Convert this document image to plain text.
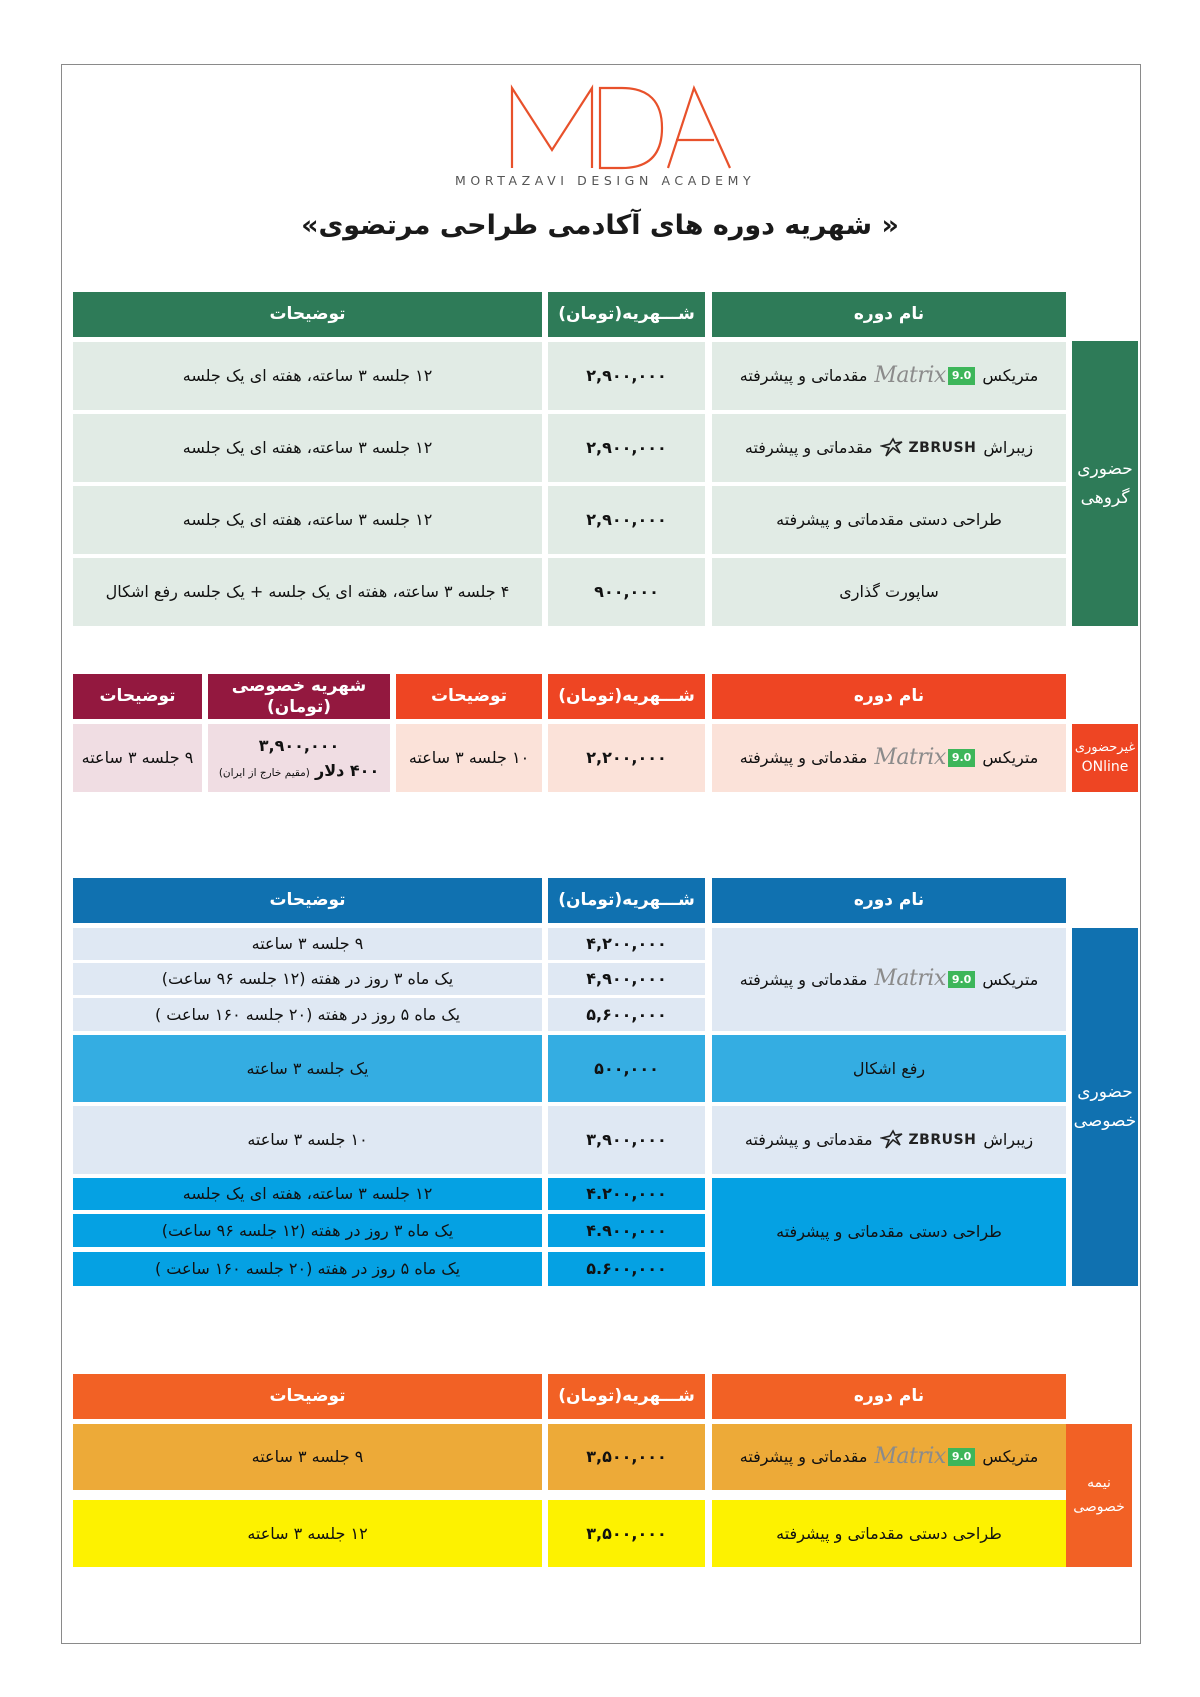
MORTAZAVI DESIGN ACADEMY
« شهریه دوره های آکادمی طراحی مرتضوی»
نام دوره
شـــهریه(تومان)
توضیحات
حضوری
گروهی
متریکس
Matrix 9.0
مقدماتی و پیشرفته
۲,۹۰۰,۰۰۰
۱۲ جلسه ۳ ساعته، هفته ای یک جلسه
زیبراش
ZBRUSH
مقدماتی و پیشرفته
۲,۹۰۰,۰۰۰
۱۲ جلسه ۳ ساعته، هفته ای یک جلسه
طراحی دستی مقدماتی و پیشرفته
۲,۹۰۰,۰۰۰
۱۲ جلسه ۳ ساعته، هفته ای یک جلسه
ساپورت گذاری
۹۰۰,۰۰۰
۴ جلسه ۳ ساعته، هفته ای یک جلسه + یک جلسه رفع اشکال
نام دوره
شـــهریه(تومان)
توضیحات
شهریه خصوصی (تومان)
توضیحات
غیرحضوری
ONline
متریکس
Matrix 9.0
مقدماتی و پیشرفته
۲,۲۰۰,۰۰۰
۱۰ جلسه ۳ ساعته
۳,۹۰۰,۰۰۰
۴۰۰ دلار (مقیم خارج از ایران)
۹ جلسه ۳ ساعته
نام دوره
شـــهریه(تومان)
توضیحات
حضوری
خصوصی
متریکس
Matrix 9.0
مقدماتی و پیشرفته
۴,۲۰۰,۰۰۰
۹ جلسه ۳ ساعته
۴,۹۰۰,۰۰۰
یک ماه ۳ روز در هفته (۱۲ جلسه ۹۶ ساعت)
۵,۶۰۰,۰۰۰
یک ماه ۵ روز در هفته (۲۰ جلسه ۱۶۰ ساعت )
رفع اشکال
۵۰۰,۰۰۰
یک جلسه ۳ ساعته
زیبراش
ZBRUSH
مقدماتی و پیشرفته
۳,۹۰۰,۰۰۰
۱۰ جلسه ۳ ساعته
طراحی دستی مقدماتی و پیشرفته
۴.۲۰۰,۰۰۰
۱۲ جلسه ۳ ساعته، هفته ای یک جلسه
۴.۹۰۰,۰۰۰
یک ماه ۳ روز در هفته (۱۲ جلسه ۹۶ ساعت)
۵.۶۰۰,۰۰۰
یک ماه ۵ روز در هفته (۲۰ جلسه ۱۶۰ ساعت )
نام دوره
شـــهریه(تومان)
توضیحات
نیمه
خصوصی
متریکس
Matrix 9.0
مقدماتی و پیشرفته
۳,۵۰۰,۰۰۰
۹ جلسه ۳ ساعته
طراحی دستی مقدماتی و پیشرفته
۳,۵۰۰,۰۰۰
۱۲ جلسه ۳ ساعته
